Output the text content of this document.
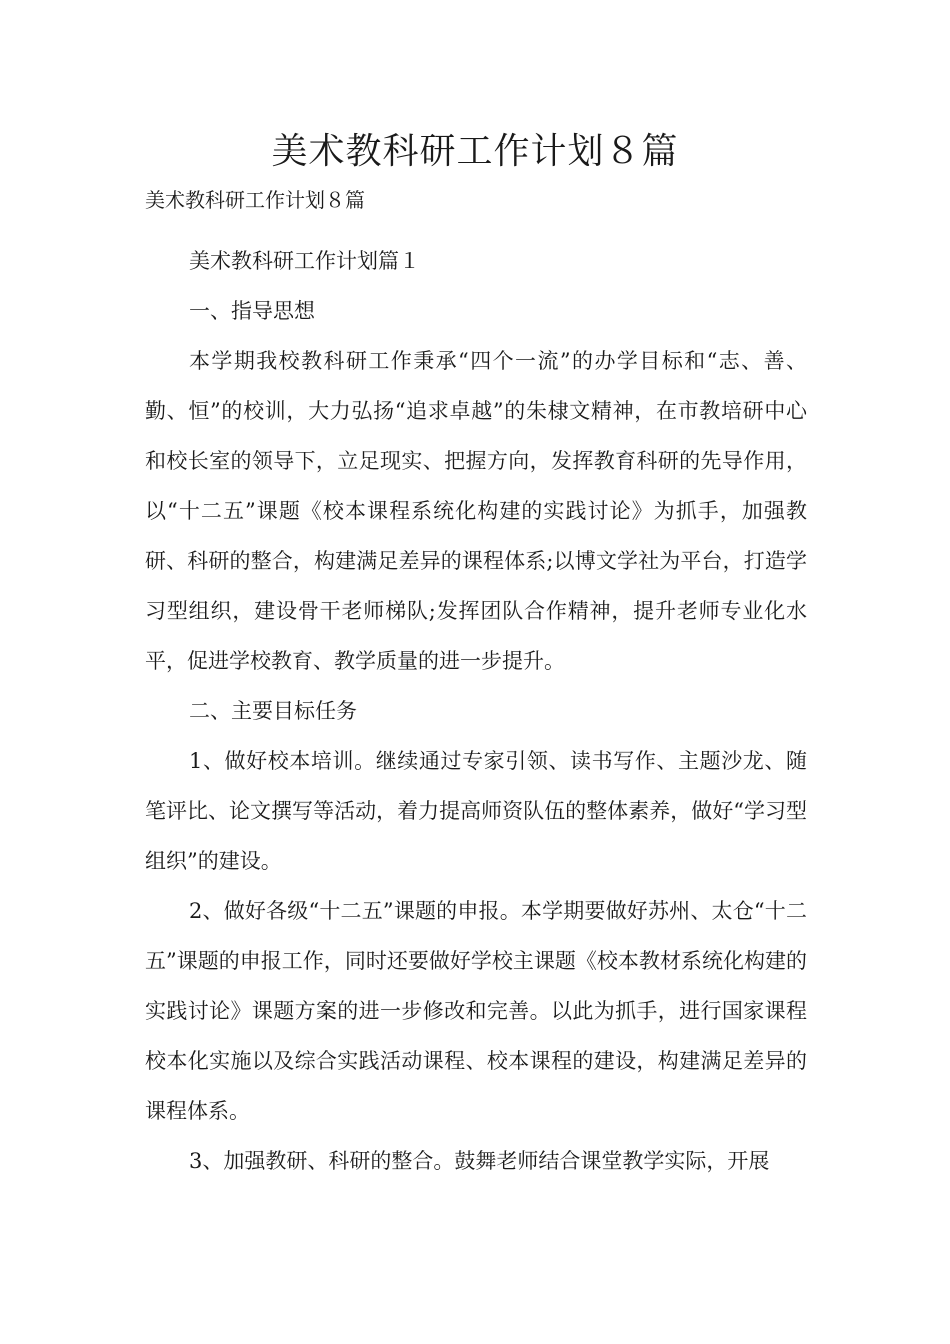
美术教科研工作计划８篇

美术教科研工作计划８篇

美术教科研工作计划篇１

一、指导思想

本学期我校教科研工作秉承“四个一流”的办学目标和“志、善、勤、恒”的校训，大力弘扬“追求卓越”的朱棣文精神，在市教培研中心和校长室的领导下，立足现实、把握方向，发挥教育科研的先导作用，以“十二五”课题《校本课程系统化构建的实践讨论》为抓手，加强教研、科研的整合，构建满足差异的课程体系;以博文学社为平台，打造学习型组织，建设骨干老师梯队;发挥团队合作精神，提升老师专业化水平，促进学校教育、教学质量的进一步提升。

二、主要目标任务

1、做好校本培训。继续通过专家引领、读书写作、主题沙龙、随笔评比、论文撰写等活动，着力提高师资队伍的整体素养，做好“学习型组织”的建设。

2、做好各级“十二五”课题的申报。本学期要做好苏州、太仓“十二五”课题的申报工作，同时还要做好学校主课题《校本教材系统化构建的实践讨论》课题方案的进一步修改和完善。以此为抓手，进行国家课程校本化实施以及综合实践活动课程、校本课程的建设，构建满足差异的课程体系。

3、加强教研、科研的整合。鼓舞老师结合课堂教学实际，开展
